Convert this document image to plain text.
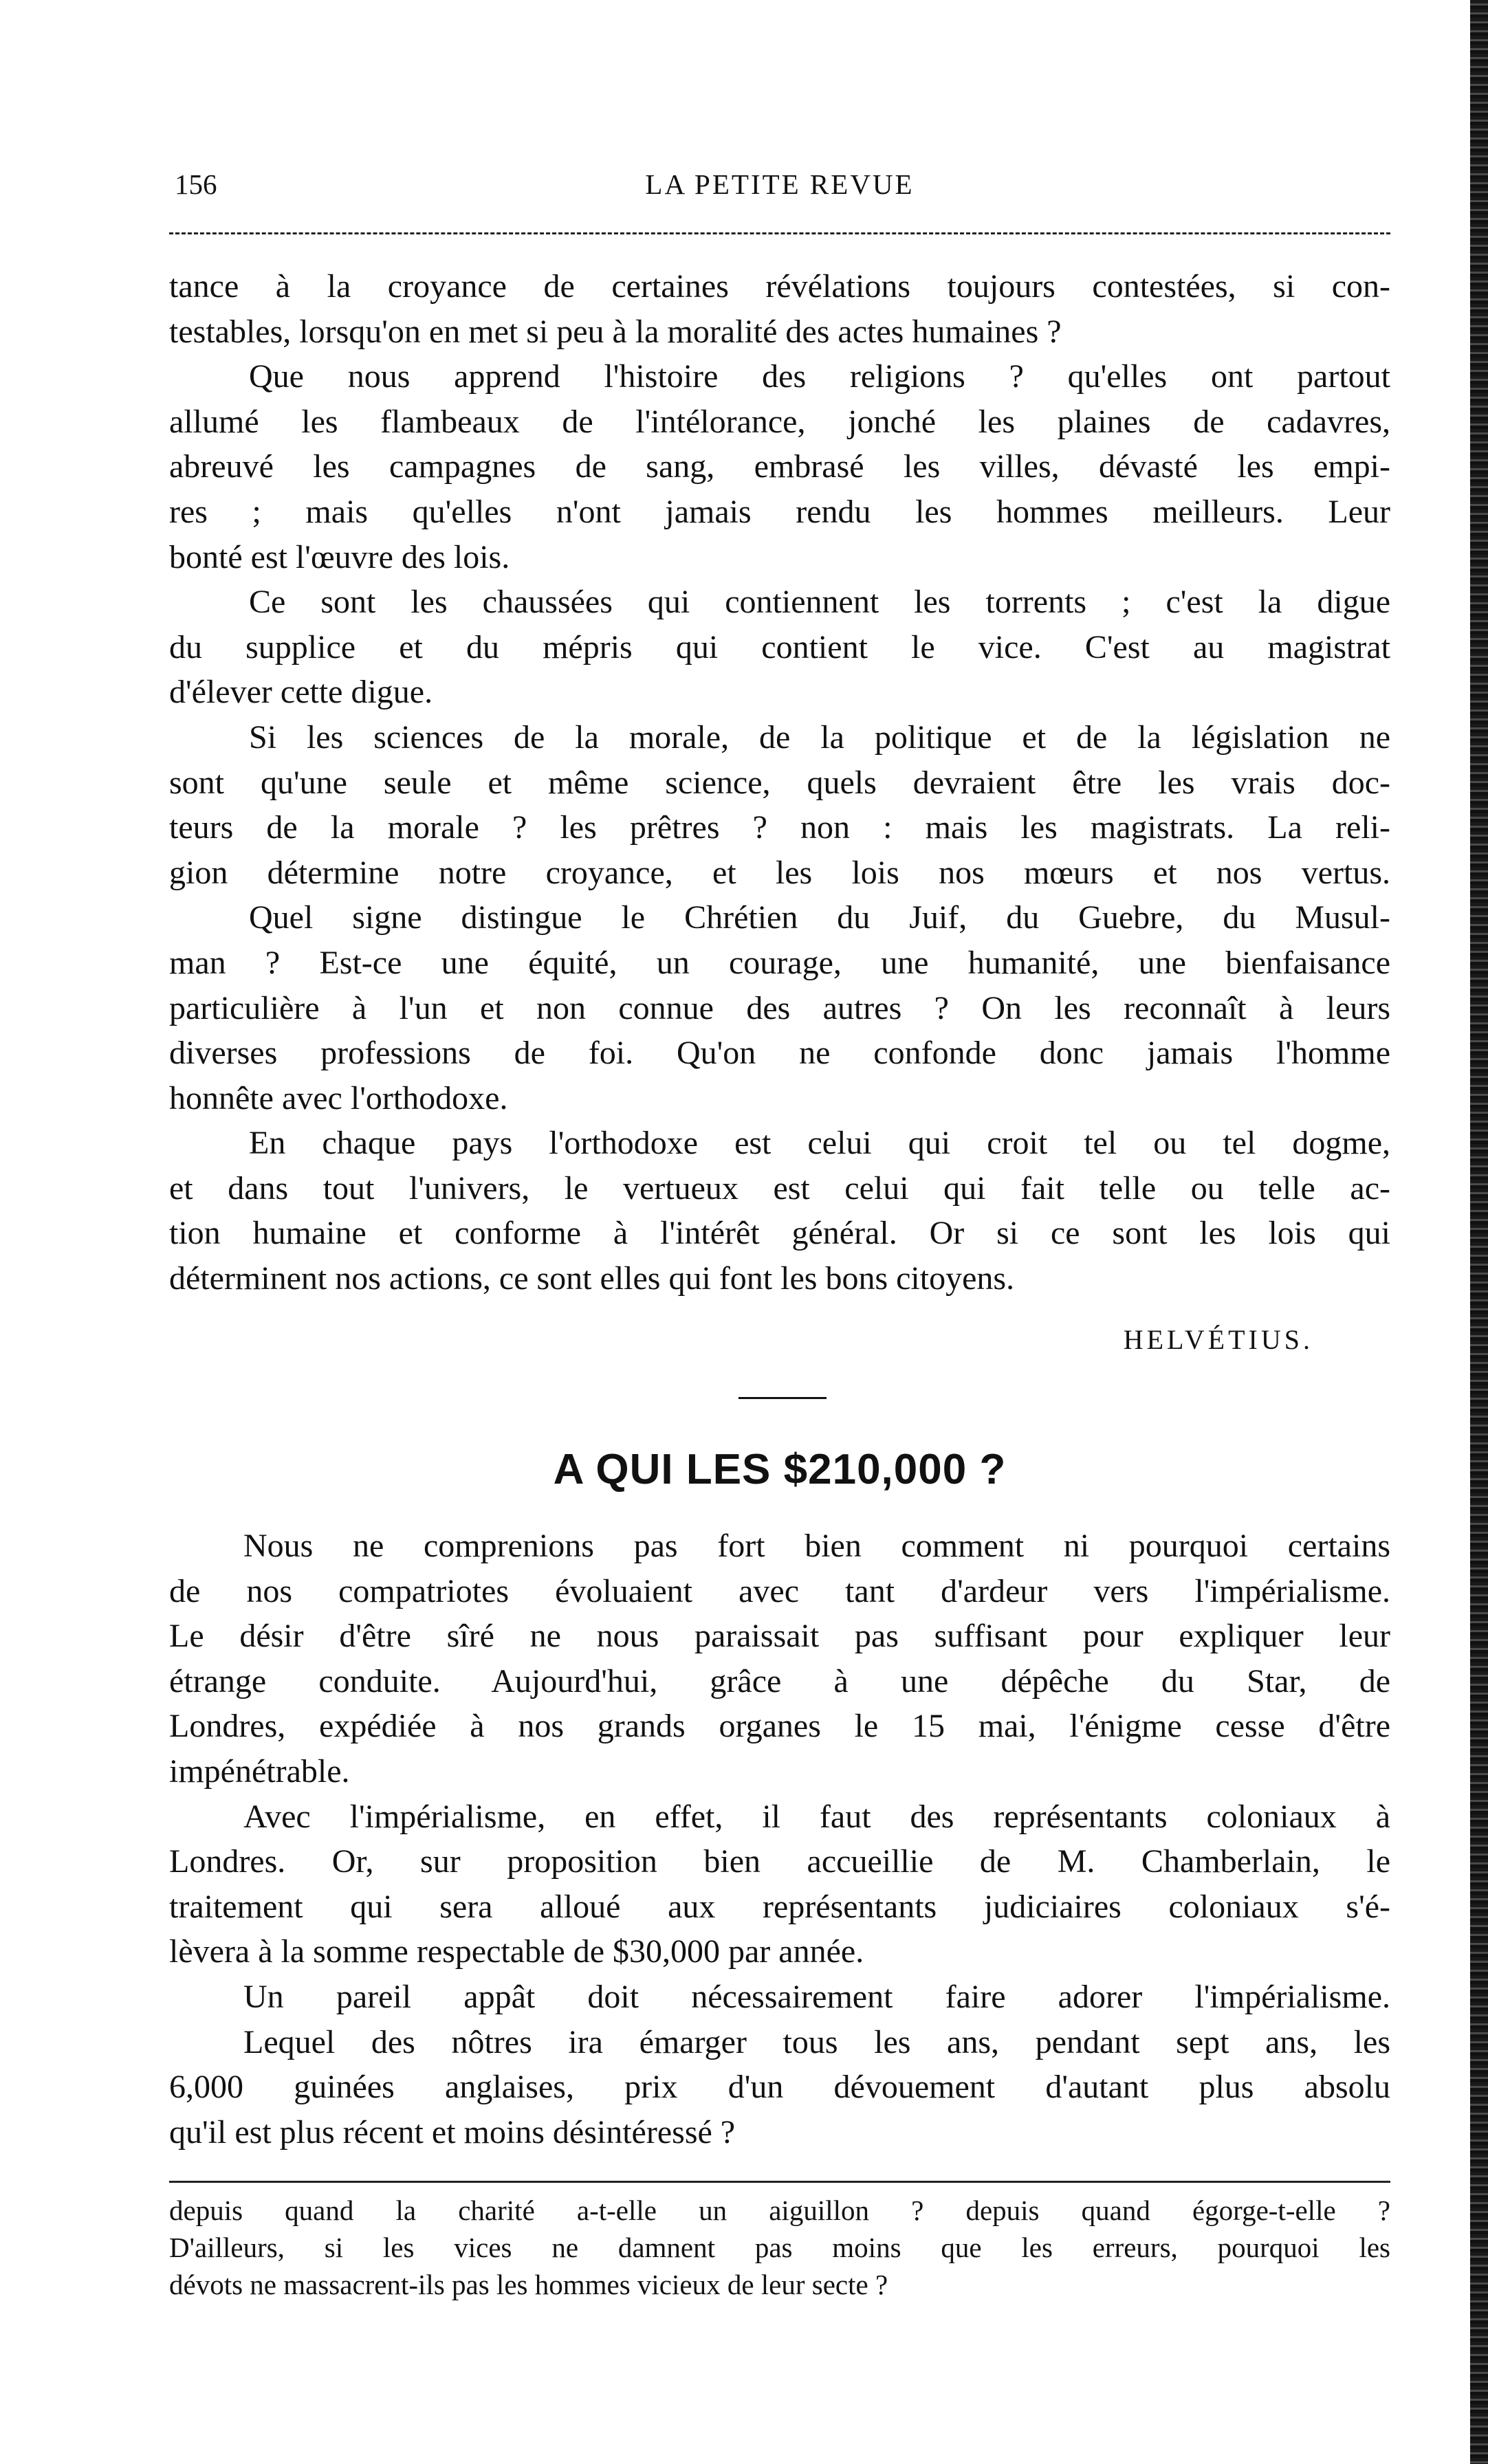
156	LA PETITE REVUE
tance à la croyance de certaines révélations toujours contestées, si con-
testables, lorsqu'on en met si peu à la moralité des actes humaines ?
Que nous apprend l'histoire des religions ? qu'elles ont partout
allumé les flambeaux de l'intélorance, jonché les plaines de cadavres,
abreuvé les campagnes de sang, embrasé les villes, dévasté les empi-
res ; mais qu'elles n'ont jamais rendu les hommes meilleurs. Leur
bonté est l'œuvre des lois.
Ce sont les chaussées qui contiennent les torrents ; c'est la digue
du supplice et du mépris qui contient le vice. C'est au magistrat
d'élever cette digue.
Si les sciences de la morale, de la politique et de la législation ne
sont qu'une seule et même science, quels devraient être les vrais doc-
teurs de la morale ? les prêtres ? non : mais les magistrats. La reli-
gion détermine notre croyance, et les lois nos mœurs et nos vertus.
Quel signe distingue le Chrétien du Juif, du Guebre, du Musul-
man ? Est-ce une équité, un courage, une humanité, une bienfaisance
particulière à l'un et non connue des autres ? On les reconnaît à leurs
diverses professions de foi. Qu'on ne confonde donc jamais l'homme
honnête avec l'orthodoxe.
En chaque pays l'orthodoxe est celui qui croit tel ou tel dogme,
et dans tout l'univers, le vertueux est celui qui fait telle ou telle ac-
tion humaine et conforme à l'intérêt général. Or si ce sont les lois qui
déterminent nos actions, ce sont elles qui font les bons citoyens.
HELVÉTIUS.
A QUI LES $210,000 ?
Nous ne comprenions pas fort bien comment ni pourquoi certains
de nos compatriotes évoluaient avec tant d'ardeur vers l'impérialisme.
Le désir d'être sîré ne nous paraissait pas suffisant pour expliquer leur
étrange conduite. Aujourd'hui, grâce à une dépêche du Star, de
Londres, expédiée à nos grands organes le 15 mai, l'énigme cesse d'être
impénétrable.
Avec l'impérialisme, en effet, il faut des représentants coloniaux à
Londres. Or, sur proposition bien accueillie de M. Chamberlain, le
traitement qui sera alloué aux représentants judiciaires coloniaux s'é-
lèvera à la somme respectable de $30,000 par année.
Un pareil appât doit nécessairement faire adorer l'impérialisme.
Lequel des nôtres ira émarger tous les ans, pendant sept ans, les
6,000 guinées anglaises, prix d'un dévouement d'autant plus absolu
qu'il est plus récent et moins désintéressé ?
depuis quand la charité a-t-elle un aiguillon ? depuis quand égorge-t-elle ?
D'ailleurs, si les vices ne damnent pas moins que les erreurs, pourquoi les
dévots ne massacrent-ils pas les hommes vicieux de leur secte ?
